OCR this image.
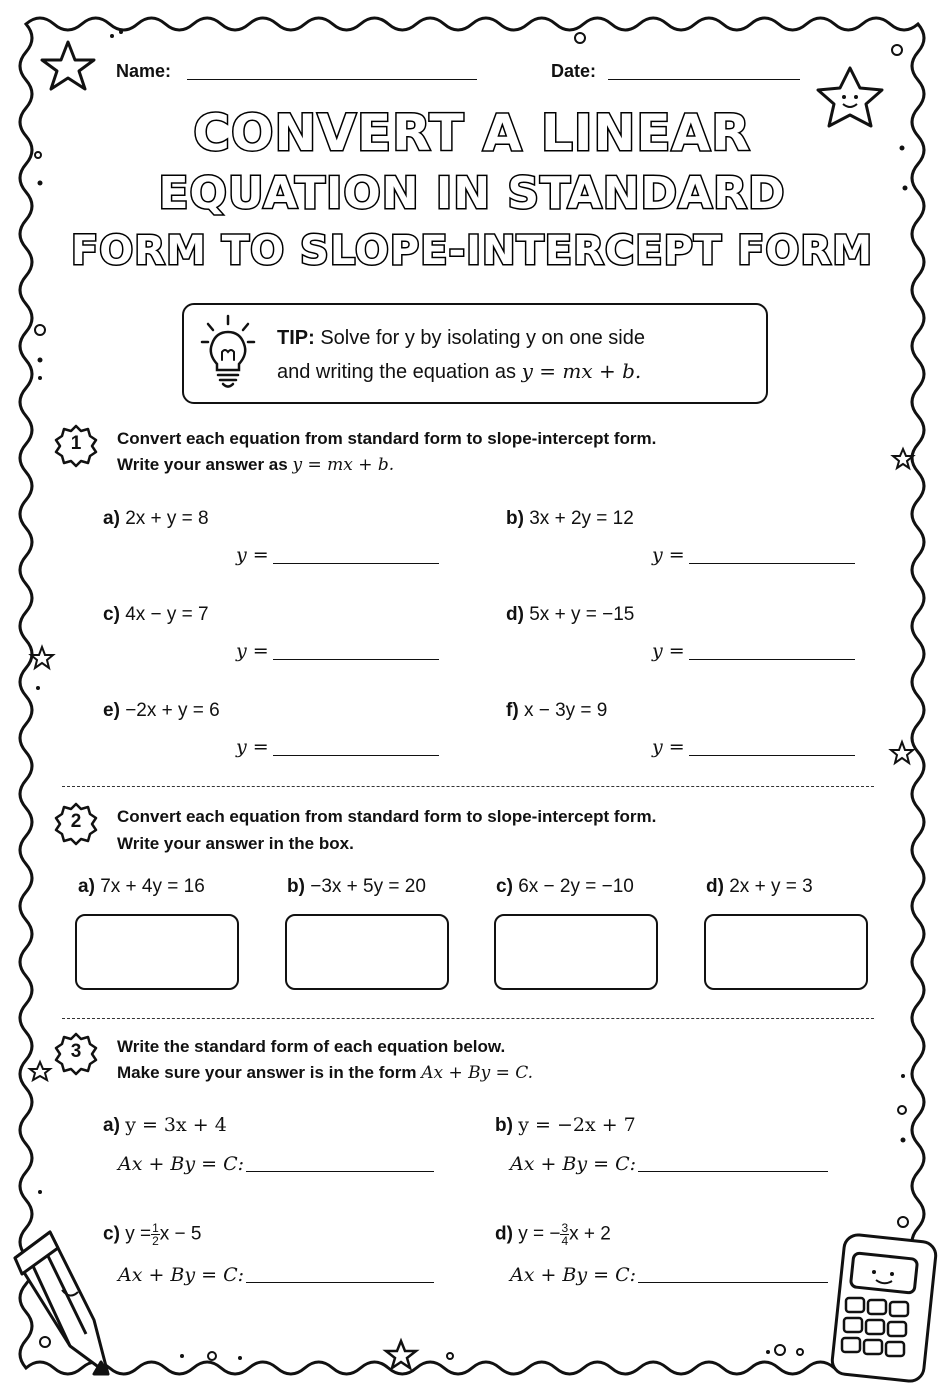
Name:	Date:
CONVERT A LINEAR
EQUATION IN STANDARD
FORM TO SLOPE-INTERCEPT FORM
TIP: Solve for y by isolating y on one side
and writing the equation as y = mx + b.
1	Convert each equation from standard form to slope-intercept form.
Write your answer as y = mx + b.
a) 2x + y = 8	b) 3x + 2y = 12
y =	y =
c) 4x − y = 7	d) 5x + y = −15
y =	y =
e) −2x + y = 6	f) x − 3y = 9
y =	y =
2	Convert each equation from standard form to slope-intercept form.
Write your answer in the box.
a) 7x + 4y = 16	b) −3x + 5y = 20	c) 6x − 2y = −10	d) 2x + y = 3
3	Write the standard form of each equation below.
Make sure your answer is in the form Ax + By = C.
a) y = 3x + 4	b) y = −2x + 7
Ax + By = C:	Ax + By = C:
c) $y = \frac{1}{2}$ x − 5	d) y = − $\frac{3}{4}$ x + 2
Ax + By = C:	Ax + By = C:
